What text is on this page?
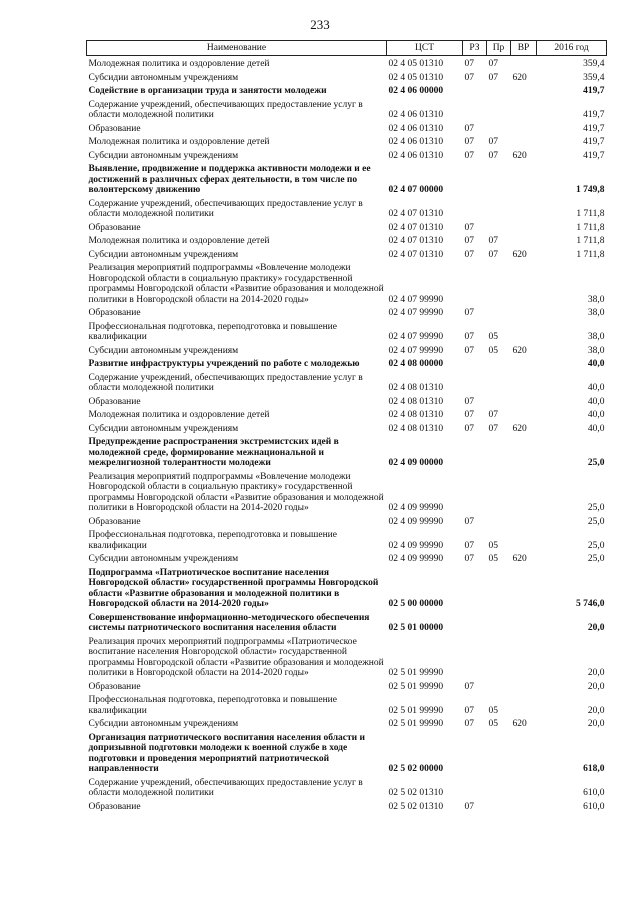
233
Наименование	ЦСТ	РЗ	Пр	ВР	2016 год
Молодежная политика и оздоровление детей	02 4 05 01310	07	07		359,4
Субсидии автономным учреждениям	02 4 05 01310	07	07	620	359,4
Содействие в организации труда и занятости молодежи	02 4 06 00000				419,7
Содержание учреждений, обеспечивающих предоставление услуг в области молодежной политики	02 4 06 01310				419,7
Образование	02 4 06 01310	07			419,7
Молодежная политика и оздоровление детей	02 4 06 01310	07	07		419,7
Субсидии автономным учреждениям	02 4 06 01310	07	07	620	419,7
Выявление, продвижение и поддержка активности молодежи и ее достижений в различных сферах деятельности, в том числе по волонтерскому движению	02 4 07 00000				1 749,8
Содержание учреждений, обеспечивающих предоставление услуг в области молодежной политики	02 4 07 01310				1 711,8
Образование	02 4 07 01310	07			1 711,8
Молодежная политика и оздоровление детей	02 4 07 01310	07	07		1 711,8
Субсидии автономным учреждениям	02 4 07 01310	07	07	620	1 711,8
Реализация мероприятий подпрограммы «Вовлечение молодежи Новгородской области в социальную практику» государственной программы Новгородской области «Развитие образования и молодежной политики в Новгородской области на 2014-2020 годы»	02 4 07 99990				38,0
Образование	02 4 07 99990	07			38,0
Профессиональная подготовка, переподготовка и повышение квалификации	02 4 07 99990	07	05		38,0
Субсидии автономным учреждениям	02 4 07 99990	07	05	620	38,0
Развитие инфраструктуры учреждений по работе с молодежью	02 4 08 00000				40,0
Содержание учреждений, обеспечивающих предоставление услуг в области молодежной политики	02 4 08 01310				40,0
Образование	02 4 08 01310	07			40,0
Молодежная политика и оздоровление детей	02 4 08 01310	07	07		40,0
Субсидии автономным учреждениям	02 4 08 01310	07	07	620	40,0
Предупреждение распространения экстремистских идей в молодежной среде, формирование межнациональной и межрелигиозной толерантности молодежи	02 4 09 00000				25,0
Реализация мероприятий подпрограммы «Вовлечение молодежи Новгородской области в социальную практику» государственной программы Новгородской области «Развитие образования и молодежной политики в Новгородской области на 2014-2020 годы»	02 4 09 99990				25,0
Образование	02 4 09 99990	07			25,0
Профессиональная подготовка, переподготовка и повышение квалификации	02 4 09 99990	07	05		25,0
Субсидии автономным учреждениям	02 4 09 99990	07	05	620	25,0
Подпрограмма «Патриотическое воспитание населения Новгородской области» государственной программы Новгородской области «Развитие образования и молодежной политики в Новгородской области на 2014-2020 годы»	02 5 00 00000				5 746,0
Совершенствование информационно-методического обеспечения системы патриотического воспитания населения области	02 5 01 00000				20,0
Реализация прочих мероприятий подпрограммы «Патриотическое воспитание населения Новгородской области» государственной программы Новгородской области «Развитие образования и молодежной политики в Новгородской области на 2014-2020 годы»	02 5 01 99990				20,0
Образование	02 5 01 99990	07			20,0
Профессиональная подготовка, переподготовка и повышение квалификации	02 5 01 99990	07	05		20,0
Субсидии автономным учреждениям	02 5 01 99990	07	05	620	20,0
Организация патриотического воспитания населения области и допризывной подготовки молодежи к военной службе в ходе подготовки и проведения мероприятий патриотической направленности	02 5 02 00000				618,0
Содержание учреждений, обеспечивающих предоставление услуг в области молодежной политики	02 5 02 01310				610,0
Образование	02 5 02 01310	07			610,0
